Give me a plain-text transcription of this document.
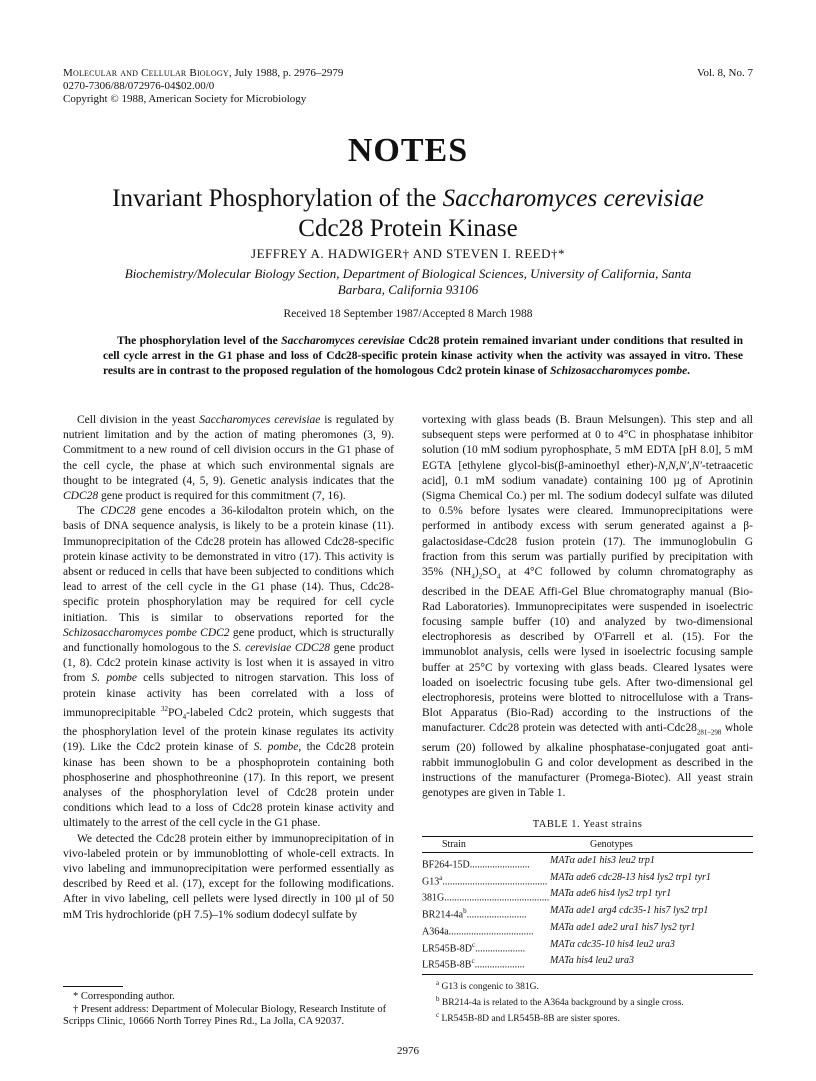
Molecular and Cellular Biology, July 1988, p. 2976–2979
0270-7306/88/072976-04$02.00/0
Copyright © 1988, American Society for Microbiology
Vol. 8, No. 7
NOTES
Invariant Phosphorylation of the Saccharomyces cerevisiae
Cdc28 Protein Kinase
JEFFREY A. HADWIGER† AND STEVEN I. REED†*
Biochemistry/Molecular Biology Section, Department of Biological Sciences, University of California, Santa Barbara, California 93106
Received 18 September 1987/Accepted 8 March 1988
The phosphorylation level of the Saccharomyces cerevisiae Cdc28 protein remained invariant under conditions that resulted in cell cycle arrest in the G1 phase and loss of Cdc28-specific protein kinase activity when the activity was assayed in vitro. These results are in contrast to the proposed regulation of the homologous Cdc2 protein kinase of Schizosaccharomyces pombe.

Cell division in the yeast Saccharomyces cerevisiae is regulated by nutrient limitation and by the action of mating pheromones (3, 9). Commitment to a new round of cell division occurs in the G1 phase of the cell cycle, the phase at which such environmental signals are thought to be integrated (4, 5, 9). Genetic analysis indicates that the CDC28 gene product is required for this commitment (7, 16).

The CDC28 gene encodes a 36-kilodalton protein which, on the basis of DNA sequence analysis, is likely to be a protein kinase (11). Immunoprecipitation of the Cdc28 protein has allowed Cdc28-specific protein kinase activity to be demonstrated in vitro (17). This activity is absent or reduced in cells that have been subjected to conditions which lead to arrest of the cell cycle in the G1 phase (14). Thus, Cdc28-specific protein phosphorylation may be required for cell cycle initiation. This is similar to observations reported for the Schizosaccharomyces pombe CDC2 gene product, which is structurally and functionally homologous to the S. cerevisiae CDC28 gene product (1, 8). Cdc2 protein kinase activity is lost when it is assayed in vitro from S. pombe cells subjected to nitrogen starvation. This loss of protein kinase activity has been correlated with a loss of immunoprecipitable $^{32}PO_4$-labeled Cdc2 protein, which suggests that the phosphorylation level of the protein kinase regulates its activity (19). Like the Cdc2 protein kinase of S. pombe, the Cdc28 protein kinase has been shown to be a phosphoprotein containing both phosphoserine and phosphothreonine (17). In this report, we present analyses of the phosphorylation level of Cdc28 protein under conditions which lead to a loss of Cdc28 protein kinase activity and ultimately to the arrest of the cell cycle in the G1 phase.

We detected the Cdc28 protein either by immunoprecipitation of in vivo-labeled protein or by immunoblotting of whole-cell extracts. In vivo labeling and immunoprecipitation were performed essentially as described by Reed et al. (17), except for the following modifications. After in vivo labeling, cell pellets were lysed directly in 100 µl of 50 mM Tris hydrochloride (pH 7.5)–1% sodium dodecyl sulfate by

vortexing with glass beads (B. Braun Melsungen). This step and all subsequent steps were performed at 0 to 4°C in phosphatase inhibitor solution (10 mM sodium pyrophosphate, 5 mM EDTA [pH 8.0], 5 mM EGTA [ethylene glycol-bis(β-aminoethyl ether)-N,N,N′,N′-tetraacetic acid], 0.1 mM sodium vanadate) containing 100 µg of Aprotinin (Sigma Chemical Co.) per ml. The sodium dodecyl sulfate was diluted to 0.5% before lysates were cleared. Immunoprecipitations were performed in antibody excess with serum generated against a β-galactosidase-Cdc28 fusion protein (17). The immunoglobulin G fraction from this serum was partially purified by precipitation with 35% $(NH_4)_2SO_4$ at 4°C followed by column chromatography as described in the DEAE Affi-Gel Blue chromatography manual (Bio-Rad Laboratories). Immunoprecipitates were suspended in isoelectric focusing sample buffer (10) and analyzed by two-dimensional electrophoresis as described by O'Farrell et al. (15). For the immunoblot analysis, cells were lysed in isoelectric focusing sample buffer at 25°C by vortexing with glass beads. Cleared lysates were loaded on isoelectric focusing tube gels. After two-dimensional gel electrophoresis, proteins were blotted to nitrocellulose with a Trans-Blot Apparatus (Bio-Rad) according to the instructions of the manufacturer. Cdc28 protein was detected with anti-$Cdc28_{281-298}$ whole serum (20) followed by alkaline phosphatase-conjugated goat anti-rabbit immunoglobulin G and color development as described in the instructions of the manufacturer (Promega-Biotec). All yeast strain genotypes are given in Table 1.

TABLE 1. Yeast strains
Strain	Genotypes
BF264-15D........................	MATα ade1 his3 leu2 trp1
G13$^a$.......................................... MATa ade6 cdc28-13 his4 lys2 trp1 tyr1
381G.......................................... MATa ade6 his4 lys2 trp1 tyr1
$BR214-4a^b$........................	MATa ade1 arg4 cdc35-1 his7 lys2 trp1
A364a..................................	MATa ade1 ade2 ura1 his7 lys2 tyr1
$LR545B-8D^c$....................	MATα cdc35-10 his4 leu2 ura3
$LR545B-8B^c$....................	MATa his4 leu2 ura3
$^a$ G13 is congenic to 381G.
$^b$ BR214-4a is related to the A364a background by a single cross.
$^c$ LR545B-8D and LR545B-8B are sister spores.

* Corresponding author.

† Present address: Department of Molecular Biology, Research Institute of Scripps Clinic, 10666 North Torrey Pines Rd., La Jolla, CA 92037.

2976
